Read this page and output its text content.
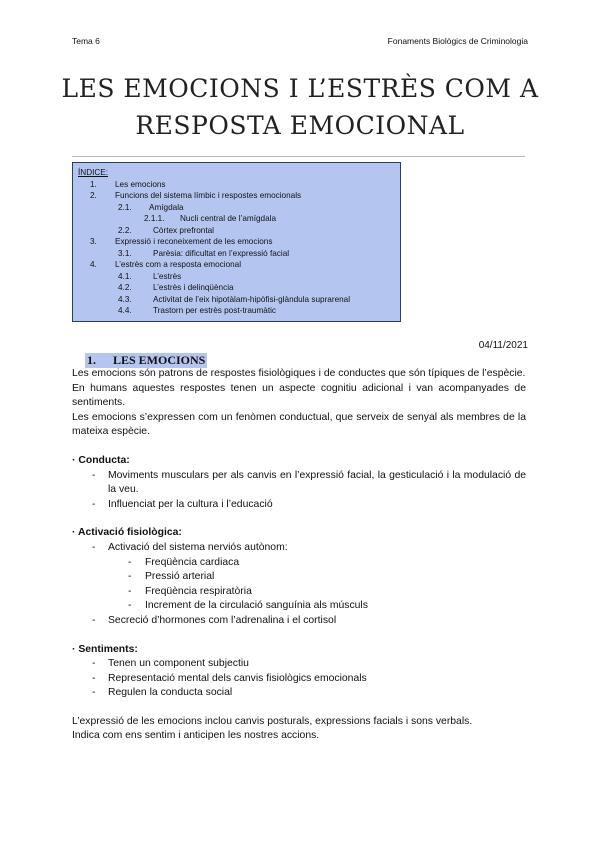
Tema 6	Fonaments Biològics de Criminologia
LES EMOCIONS I L’ESTRÈS COM A
RESPOSTA EMOCIONAL
ÍNDICE:
1. Les emocions
2. Funcions del sistema límbic i respostes emocionals
2.1. Amígdala
2.1.1. Nucli central de l’amígdala
2.2.	Còrtex prefrontal
3. Expressió i reconeixement de les emocions
3.1.	Parèsia: dificultat en l’expressió facial
4. L’estrès com a resposta emocional
4.1.	L’estrès
4.2.	L’estrès i delinqüència
4.3.	Activitat de l’eix hipotàlam-hipòfisi-glàndula suprarenal
4.4.	Trastorn per estrès post-traumàtic
04/11/2021
1. LES EMOCIONS
Les emocions són patrons de respostes fisiològiques i de conductes que són típiques de l’espècie.
En humans aquestes respostes tenen un aspecte cognitiu adicional i van acompanyades de sentiments.
Les emocions s’expressen com un fenòmen conductual, que serveix de senyal als membres de la mateixa espècie.
· Conducta:
- Moviments musculars per als canvis en l’expressió facial, la gesticulació i la modulació de la veu.
- Influenciat per la cultura i l’educació
· Activació fisiològica:
- Activació del sistema nerviós autònom:
- Freqüència cardiaca
- Pressió arterial
- Freqüència respiratòria
- Increment de la circulació sanguínia als músculs
- Secreció d’hormones com l’adrenalina i el cortisol
· Sentiments:
- Tenen un component subjectiu
- Representació mental dels canvis fisiològics emocionals
- Regulen la conducta social
L’expressió de les emocions inclou canvis posturals, expressions facials i sons verbals.
Indica com ens sentim i anticipen les nostres accions.
